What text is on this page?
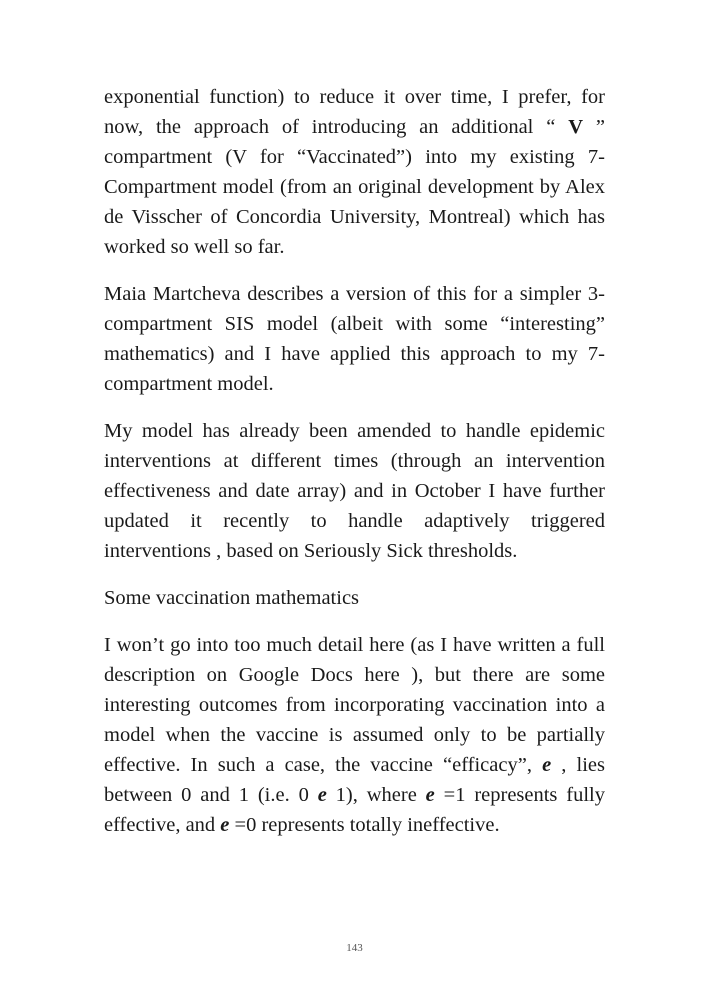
exponential function) to reduce it over time, I prefer, for now, the approach of introducing an additional “ V ” compartment (V for “Vaccinated”) into my existing 7-Compartment model (from an original development by Alex de Visscher of Concordia University, Montreal) which has worked so well so far.

Maia Martcheva describes a version of this for a simpler 3-compartment SIS model (albeit with some “interesting” mathematics) and I have applied this approach to my 7-compartment model.

My model has already been amended to handle epidemic interventions at different times (through an intervention effectiveness and date array) and in October I have further updated it recently to handle adaptively triggered interventions , based on Seriously Sick thresholds.

Some vaccination mathematics

I won’t go into too much detail here (as I have written a full description on Google Docs here ), but there are some interesting outcomes from incorporating vaccination into a model when the vaccine is assumed only to be partially effective. In such a case, the vaccine “efficacy”, e , lies between 0 and 1 (i.e. 0 e 1), where e =1 represents fully effective, and e =0 represents totally ineffective.

143
